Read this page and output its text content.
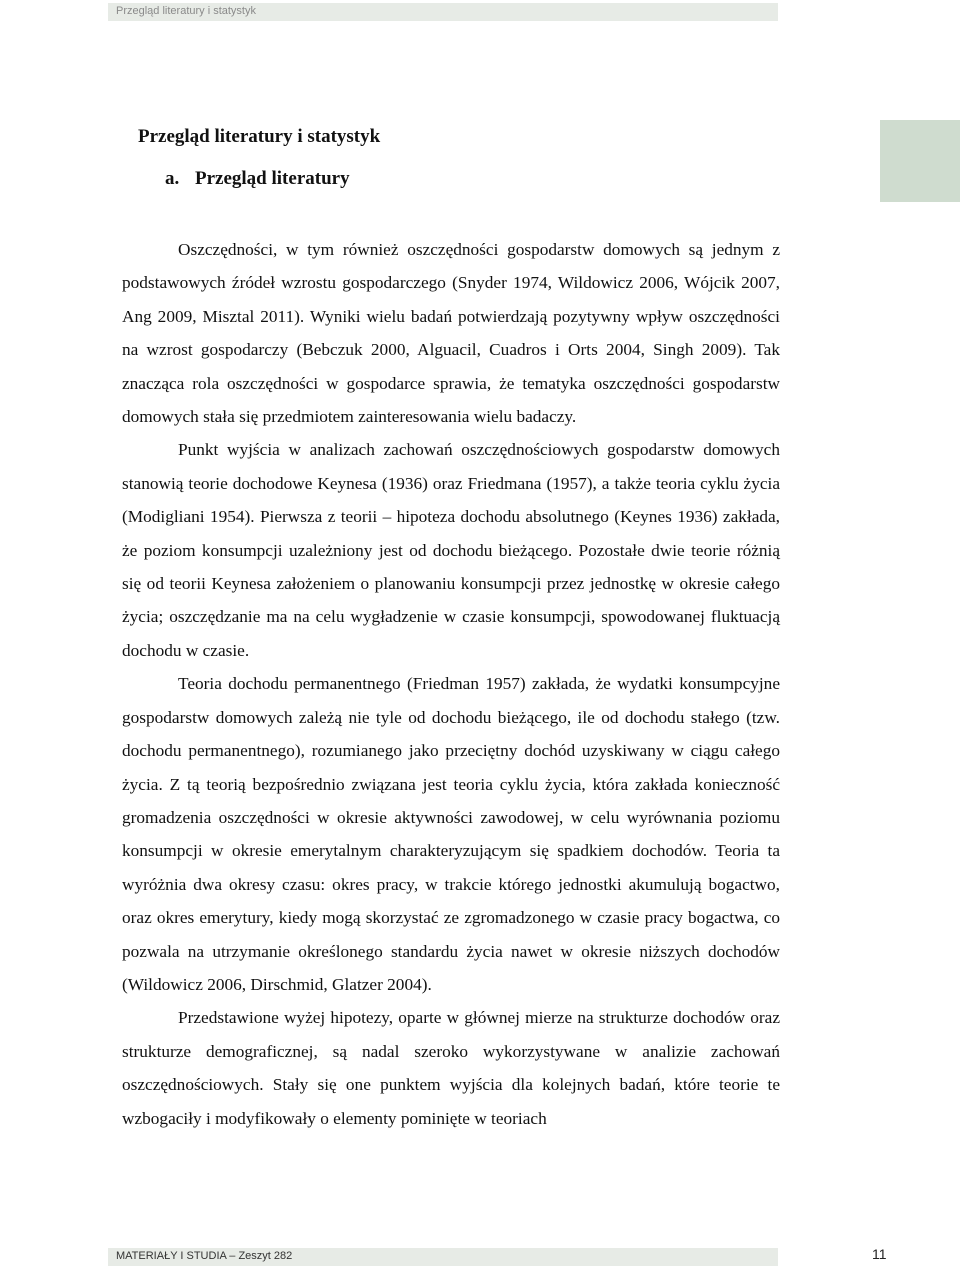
Przegląd literatury i statystyk
Przegląd literatury i statystyk
a. Przegląd literatury

Oszczędności, w tym również oszczędności gospodarstw domowych są jednym z podstawowych źródeł wzrostu gospodarczego (Snyder 1974, Wildowicz 2006, Wójcik 2007, Ang 2009, Misztal 2011). Wyniki wielu badań potwierdzają pozytywny wpływ oszczędności na wzrost gospodarczy (Bebczuk 2000, Alguacil, Cuadros i Orts 2004, Singh 2009). Tak znacząca rola oszczędności w gospodarce sprawia, że tematyka oszczędności gospodarstw domowych stała się przedmiotem zainteresowania wielu badaczy.

Punkt wyjścia w analizach zachowań oszczędnościowych gospodarstw domowych stanowią teorie dochodowe Keynesa (1936) oraz Friedmana (1957), a także teoria cyklu życia (Modigliani 1954). Pierwsza z teorii – hipoteza dochodu absolutnego (Keynes 1936) zakłada, że poziom konsumpcji uzależniony jest od dochodu bieżącego. Pozostałe dwie teorie różnią się od teorii Keynesa założeniem o planowaniu konsumpcji przez jednostkę w okresie całego życia; oszczędzanie ma na celu wygładzenie w czasie konsumpcji, spowodowanej fluktuacją dochodu w czasie.

Teoria dochodu permanentnego (Friedman 1957) zakłada, że wydatki konsumpcyjne gospodarstw domowych zależą nie tyle od dochodu bieżącego, ile od dochodu stałego (tzw. dochodu permanentnego), rozumianego jako przeciętny dochód uzyskiwany w ciągu całego życia. Z tą teorią bezpośrednio związana jest teoria cyklu życia, która zakłada konieczność gromadzenia oszczędności w okresie aktywności zawodowej, w celu wyrównania poziomu konsumpcji w okresie emerytalnym charakteryzującym się spadkiem dochodów. Teoria ta wyróżnia dwa okresy czasu: okres pracy, w trakcie którego jednostki akumulują bogactwo, oraz okres emerytury, kiedy mogą skorzystać ze zgromadzonego w czasie pracy bogactwa, co pozwala na utrzymanie określonego standardu życia nawet w okresie niższych dochodów (Wildowicz 2006, Dirschmid, Glatzer 2004).

Przedstawione wyżej hipotezy, oparte w głównej mierze na strukturze dochodów oraz strukturze demograficznej, są nadal szeroko wykorzystywane w analizie zachowań oszczędnościowych. Stały się one punktem wyjścia dla kolejnych badań, które teorie te wzbogaciły i modyfikowały o elementy pominięte w teoriach

MATERIAŁY I STUDIA – Zeszyt 282	11
